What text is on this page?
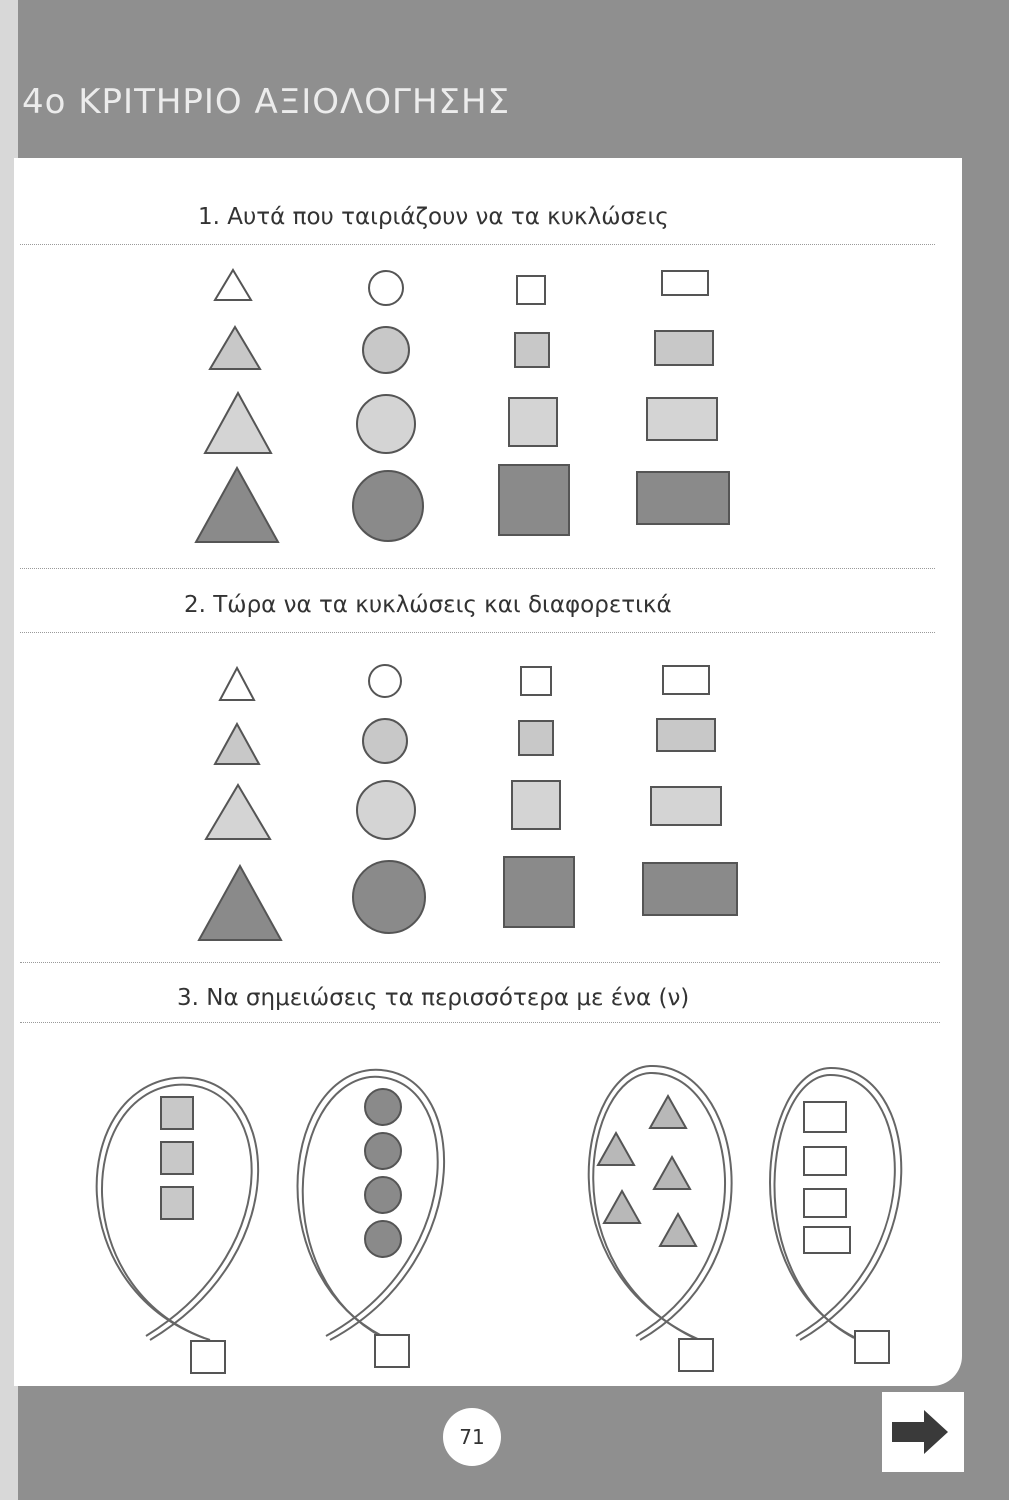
4ο ΚΡΙΤΗΡΙΟ ΑΞΙΟΛΟΓΗΣΗΣ
1. Αυτά που ταιριάζουν να τα κυκλώσεις
2. Τώρα να τα κυκλώσεις και διαφορετικά
3. Να σημειώσεις τα περισσότερα με ένα (ν)
71
